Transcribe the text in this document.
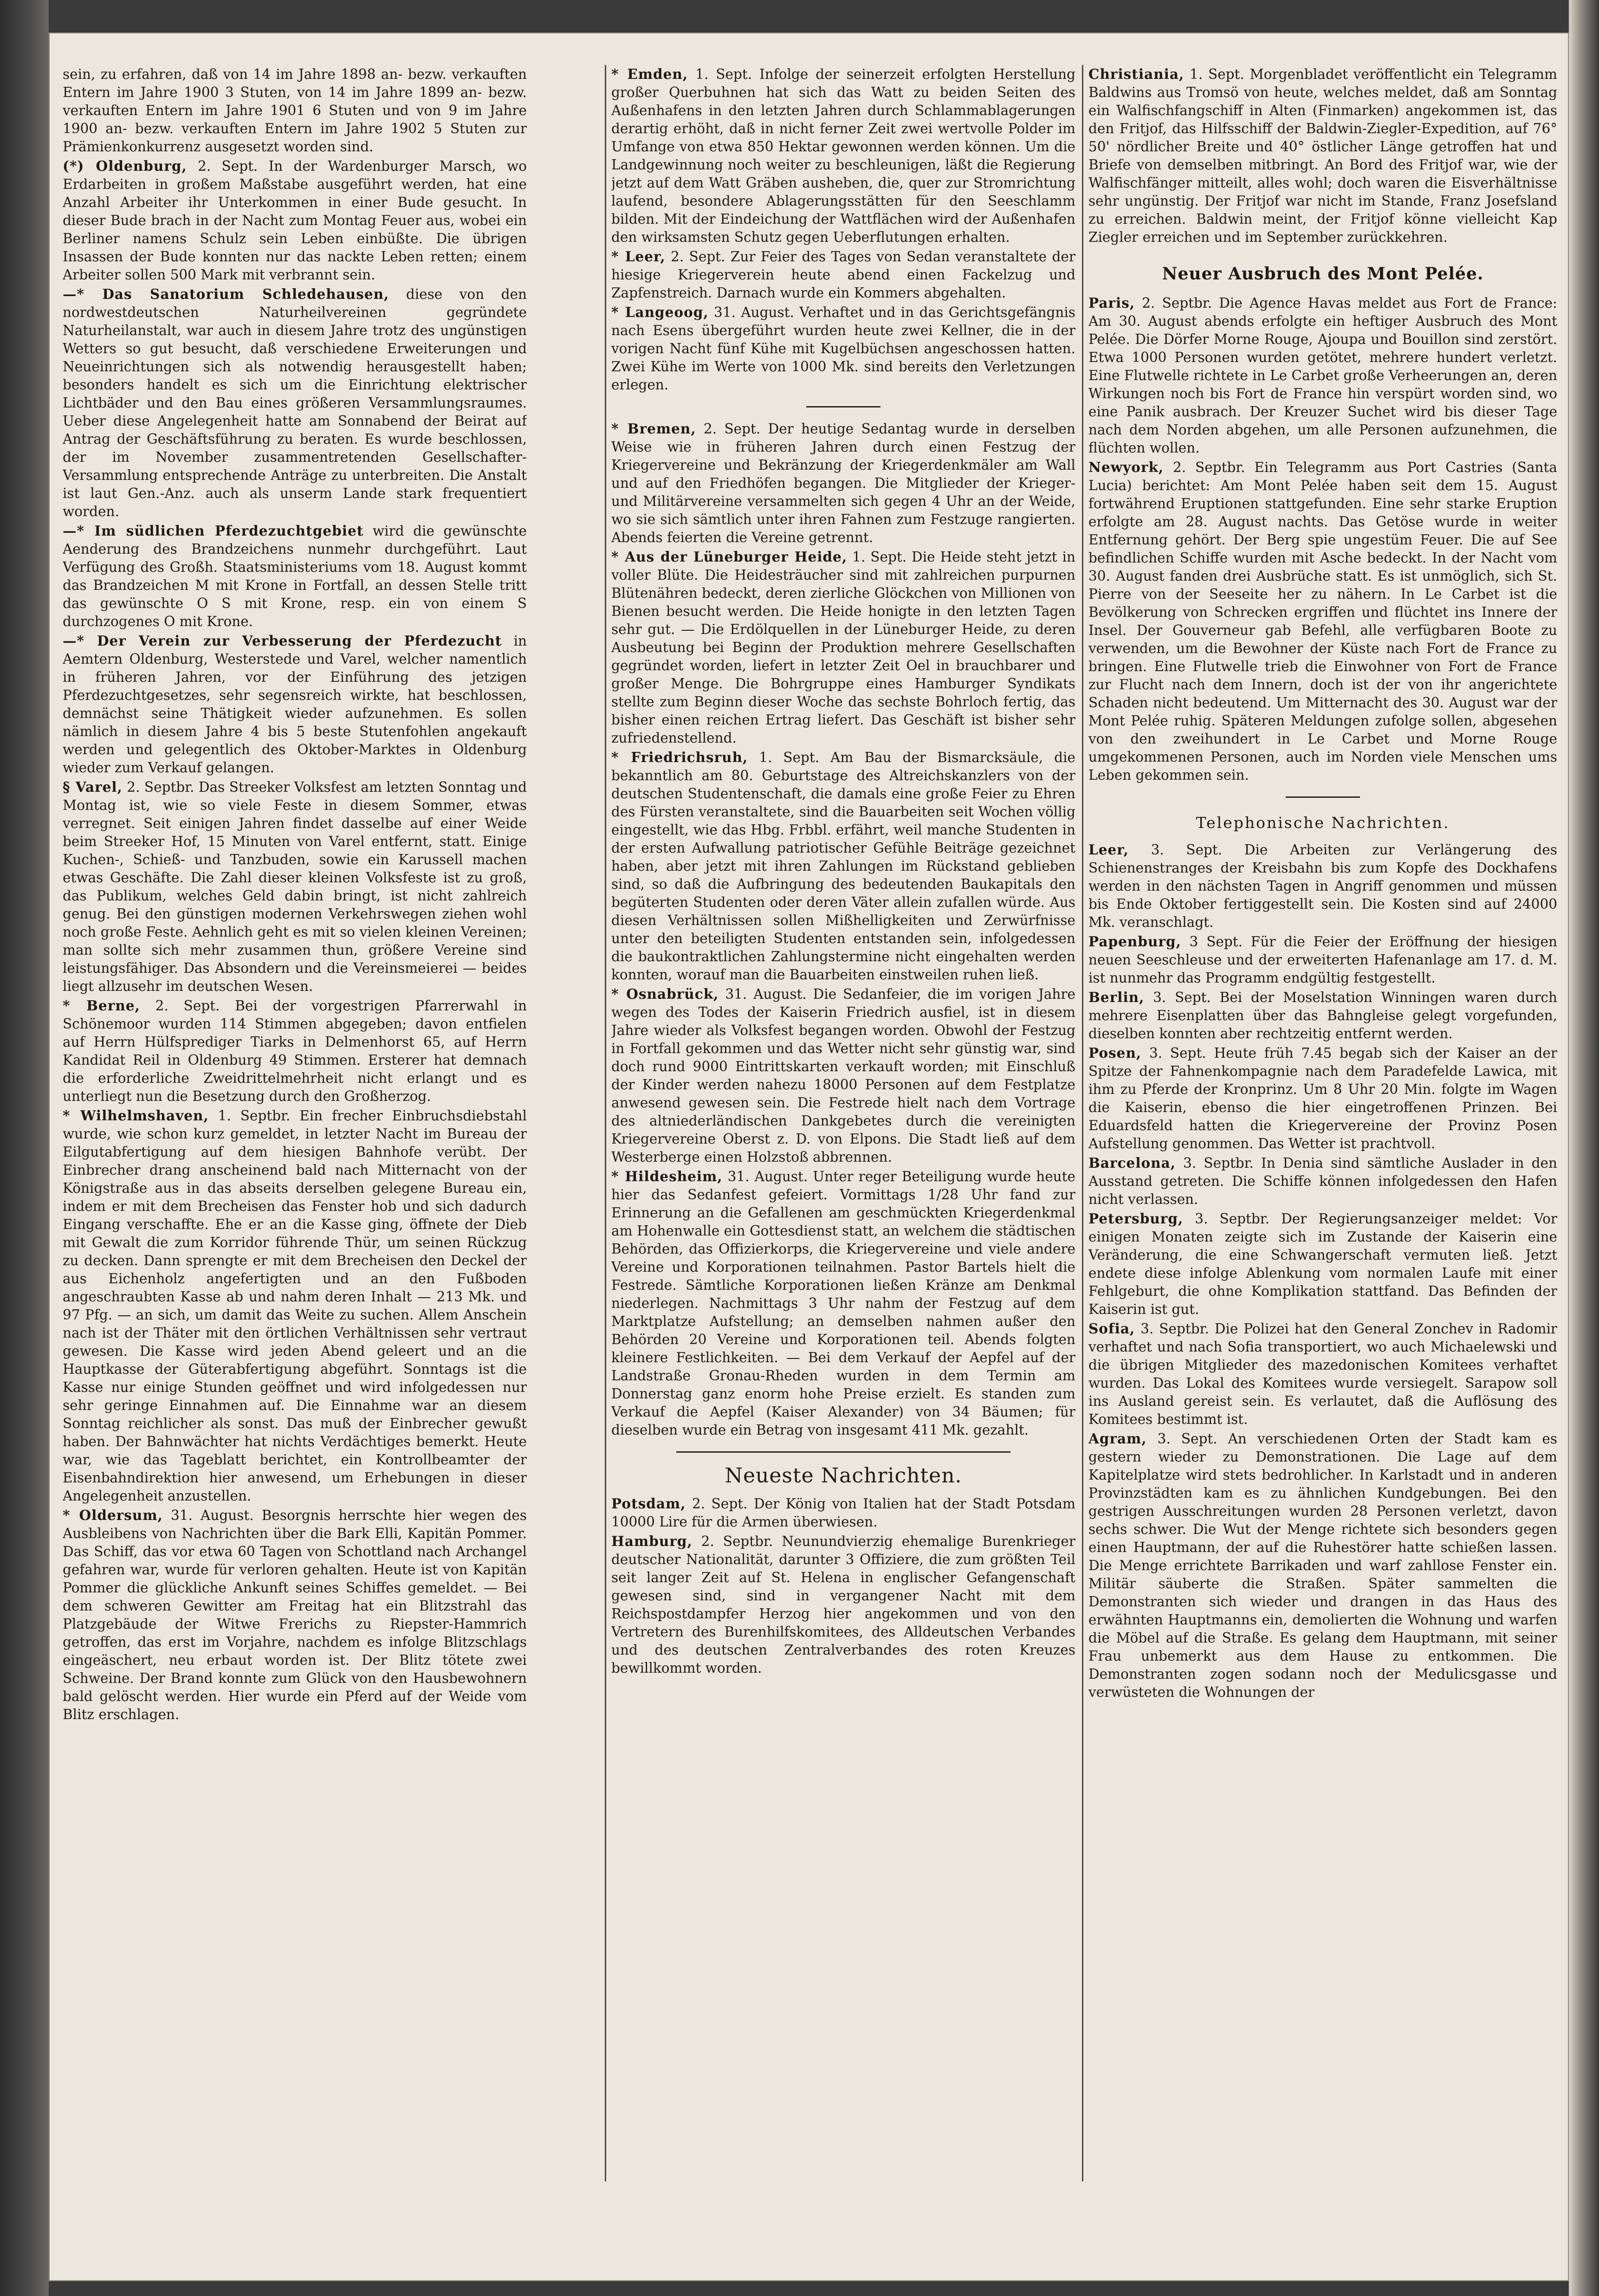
sein, zu erfahren, daß von 14 im Jahre 1898 an- bezw. verkauften Entern im Jahre 1900 3 Stuten, von 14 im Jahre 1899 an- bezw. verkauften Entern im Jahre 1901 6 Stuten und von 9 im Jahre 1900 an- bezw. verkauften Entern im Jahre 1902 5 Stuten zur Prämienkonkurrenz ausgesetzt worden sind.

(*) Oldenburg, 2. Sept. In der Wardenburger Marsch, wo Erdarbeiten in großem Maßstabe ausgeführt werden, hat eine Anzahl Arbeiter ihr Unterkommen in einer Bude gesucht. In dieser Bude brach in der Nacht zum Montag Feuer aus, wobei ein Berliner namens Schulz sein Leben einbüßte. Die übrigen Insassen der Bude konnten nur das nackte Leben retten; einem Arbeiter sollen 500 Mark mit verbrannt sein.

—* Das Sanatorium Schledehausen, diese von den nordwestdeutschen Naturheilvereinen gegründete Naturheilanstalt, war auch in diesem Jahre trotz des ungünstigen Wetters so gut besucht, daß verschiedene Erweiterungen und Neueinrichtungen sich als notwendig herausgestellt haben; besonders handelt es sich um die Einrichtung elektrischer Lichtbäder und den Bau eines größeren Versammlungsraumes. Ueber diese Angelegenheit hatte am Sonnabend der Beirat auf Antrag der Geschäftsführung zu beraten. Es wurde beschlossen, der im November zusammentretenden Gesellschafter-Versammlung entsprechende Anträge zu unterbreiten. Die Anstalt ist laut Gen.-Anz. auch als unserm Lande stark frequentiert worden.

—* Im südlichen Pferdezuchtgebiet wird die gewünschte Aenderung des Brandzeichens nunmehr durchgeführt. Laut Verfügung des Großh. Staatsministeriums vom 18. August kommt das Brandzeichen M mit Krone in Fortfall, an dessen Stelle tritt das gewünschte O S mit Krone, resp. ein von einem S durchzogenes O mit Krone.

—* Der Verein zur Verbesserung der Pferdezucht in Aemtern Oldenburg, Westerstede und Varel, welcher namentlich in früheren Jahren, vor der Einführung des jetzigen Pferdezuchtgesetzes, sehr segensreich wirkte, hat beschlossen, demnächst seine Thätigkeit wieder aufzunehmen. Es sollen nämlich in diesem Jahre 4 bis 5 beste Stutenfohlen angekauft werden und gelegentlich des Oktober-Marktes in Oldenburg wieder zum Verkauf gelangen.

§ Varel, 2. Septbr. Das Streeker Volksfest am letzten Sonntag und Montag ist, wie so viele Feste in diesem Sommer, etwas verregnet. Seit einigen Jahren findet dasselbe auf einer Weide beim Streeker Hof, 15 Minuten von Varel entfernt, statt. Einige Kuchen-, Schieß- und Tanzbuden, sowie ein Karussell machen etwas Geschäfte. Die Zahl dieser kleinen Volksfeste ist zu groß, das Publikum, welches Geld dabin bringt, ist nicht zahlreich genug. Bei den günstigen modernen Verkehrswegen ziehen wohl noch große Feste. Aehnlich geht es mit so vielen kleinen Vereinen; man sollte sich mehr zusammen thun, größere Vereine sind leistungsfähiger. Das Absondern und die Vereinsmeierei — beides liegt allzusehr im deutschen Wesen.

* Berne, 2. Sept. Bei der vorgestrigen Pfarrerwahl in Schönemoor wurden 114 Stimmen abgegeben; davon entfielen auf Herrn Hülfsprediger Tiarks in Delmenhorst 65, auf Herrn Kandidat Reil in Oldenburg 49 Stimmen. Ersterer hat demnach die erforderliche Zweidrittelmehrheit nicht erlangt und es unterliegt nun die Besetzung durch den Großherzog.

* Wilhelmshaven, 1. Septbr. Ein frecher Einbruchsdiebstahl wurde, wie schon kurz gemeldet, in letzter Nacht im Bureau der Eilgutabfertigung auf dem hiesigen Bahnhofe verübt. Der Einbrecher drang anscheinend bald nach Mitternacht von der Königstraße aus in das abseits derselben gelegene Bureau ein, indem er mit dem Brecheisen das Fenster hob und sich dadurch Eingang verschaffte. Ehe er an die Kasse ging, öffnete der Dieb mit Gewalt die zum Korridor führende Thür, um seinen Rückzug zu decken. Dann sprengte er mit dem Brecheisen den Deckel der aus Eichenholz angefertigten und an den Fußboden angeschraubten Kasse ab und nahm deren Inhalt — 213 Mk. und 97 Pfg. — an sich, um damit das Weite zu suchen. Allem Anschein nach ist der Thäter mit den örtlichen Verhältnissen sehr vertraut gewesen. Die Kasse wird jeden Abend geleert und an die Hauptkasse der Güterabfertigung abgeführt. Sonntags ist die Kasse nur einige Stunden geöffnet und wird infolgedessen nur sehr geringe Einnahmen auf. Die Einnahme war an diesem Sonntag reichlicher als sonst. Das muß der Einbrecher gewußt haben. Der Bahnwächter hat nichts Verdächtiges bemerkt. Heute war, wie das Tageblatt berichtet, ein Kontrollbeamter der Eisenbahndirektion hier anwesend, um Erhebungen in dieser Angelegenheit anzustellen.

* Oldersum, 31. August. Besorgnis herrschte hier wegen des Ausbleibens von Nachrichten über die Bark Elli, Kapitän Pommer. Das Schiff, das vor etwa 60 Tagen von Schottland nach Archangel gefahren war, wurde für verloren gehalten. Heute ist von Kapitän Pommer die glückliche Ankunft seines Schiffes gemeldet. — Bei dem schweren Gewitter am Freitag hat ein Blitzstrahl das Platzgebäude der Witwe Frerichs zu Riepster-Hammrich getroffen, das erst im Vorjahre, nachdem es infolge Blitzschlags eingeäschert, neu erbaut worden ist. Der Blitz tötete zwei Schweine. Der Brand konnte zum Glück von den Hausbewohnern bald gelöscht werden. Hier wurde ein Pferd auf der Weide vom Blitz erschlagen.

* Emden, 1. Sept. Infolge der seinerzeit erfolgten Herstellung großer Querbuhnen hat sich das Watt zu beiden Seiten des Außenhafens in den letzten Jahren durch Schlammablagerungen derartig erhöht, daß in nicht ferner Zeit zwei wertvolle Polder im Umfange von etwa 850 Hektar gewonnen werden können. Um die Landgewinnung noch weiter zu beschleunigen, läßt die Regierung jetzt auf dem Watt Gräben ausheben, die, quer zur Stromrichtung laufend, besondere Ablagerungsstätten für den Seeschlamm bilden. Mit der Eindeichung der Wattflächen wird der Außenhafen den wirksamsten Schutz gegen Ueberflutungen erhalten.

* Leer, 2. Sept. Zur Feier des Tages von Sedan veranstaltete der hiesige Kriegerverein heute abend einen Fackelzug und Zapfenstreich. Darnach wurde ein Kommers abgehalten.

* Langeoog, 31. August. Verhaftet und in das Gerichtsgefängnis nach Esens übergeführt wurden heute zwei Kellner, die in der vorigen Nacht fünf Kühe mit Kugelbüchsen angeschossen hatten. Zwei Kühe im Werte von 1000 Mk. sind bereits den Verletzungen erlegen.

* Bremen, 2. Sept. Der heutige Sedantag wurde in derselben Weise wie in früheren Jahren durch einen Festzug der Kriegervereine und Bekränzung der Kriegerdenkmäler am Wall und auf den Friedhöfen begangen. Die Mitglieder der Krieger- und Militärvereine versammelten sich gegen 4 Uhr an der Weide, wo sie sich sämtlich unter ihren Fahnen zum Festzuge rangierten. Abends feierten die Vereine getrennt.

* Aus der Lüneburger Heide, 1. Sept. Die Heide steht jetzt in voller Blüte. Die Heidesträucher sind mit zahlreichen purpurnen Blütenähren bedeckt, deren zierliche Glöckchen von Millionen von Bienen besucht werden. Die Heide honigte in den letzten Tagen sehr gut. — Die Erdölquellen in der Lüneburger Heide, zu deren Ausbeutung bei Beginn der Produktion mehrere Gesellschaften gegründet worden, liefert in letzter Zeit Oel in brauchbarer und großer Menge. Die Bohrgruppe eines Hamburger Syndikats stellte zum Beginn dieser Woche das sechste Bohrloch fertig, das bisher einen reichen Ertrag liefert. Das Geschäft ist bisher sehr zufriedenstellend.

* Friedrichsruh, 1. Sept. Am Bau der Bismarcksäule, die bekanntlich am 80. Geburtstage des Altreichskanzlers von der deutschen Studentenschaft, die damals eine große Feier zu Ehren des Fürsten veranstaltete, sind die Bauarbeiten seit Wochen völlig eingestellt, wie das Hbg. Frbbl. erfährt, weil manche Studenten in der ersten Aufwallung patriotischer Gefühle Beiträge gezeichnet haben, aber jetzt mit ihren Zahlungen im Rückstand geblieben sind, so daß die Aufbringung des bedeutenden Baukapitals den begüterten Studenten oder deren Väter allein zufallen würde. Aus diesen Verhältnissen sollen Mißhelligkeiten und Zerwürfnisse unter den beteiligten Studenten entstanden sein, infolgedessen die baukontraktlichen Zahlungstermine nicht eingehalten werden konnten, worauf man die Bauarbeiten einstweilen ruhen ließ.

* Osnabrück, 31. August. Die Sedanfeier, die im vorigen Jahre wegen des Todes der Kaiserin Friedrich ausfiel, ist in diesem Jahre wieder als Volksfest begangen worden. Obwohl der Festzug in Fortfall gekommen und das Wetter nicht sehr günstig war, sind doch rund 9000 Eintrittskarten verkauft worden; mit Einschluß der Kinder werden nahezu 18000 Personen auf dem Festplatze anwesend gewesen sein. Die Festrede hielt nach dem Vortrage des altniederländischen Dankgebetes durch die vereinigten Kriegervereine Oberst z. D. von Elpons. Die Stadt ließ auf dem Westerberge einen Holzstoß abbrennen.

* Hildesheim, 31. August. Unter reger Beteiligung wurde heute hier das Sedanfest gefeiert. Vormittags 1/28 Uhr fand zur Erinnerung an die Gefallenen am geschmückten Kriegerdenkmal am Hohenwalle ein Gottesdienst statt, an welchem die städtischen Behörden, das Offizierkorps, die Kriegervereine und viele andere Vereine und Korporationen teilnahmen. Pastor Bartels hielt die Festrede. Sämtliche Korporationen ließen Kränze am Denkmal niederlegen. Nachmittags 3 Uhr nahm der Festzug auf dem Marktplatze Aufstellung; an demselben nahmen außer den Behörden 20 Vereine und Korporationen teil. Abends folgten kleinere Festlichkeiten. — Bei dem Verkauf der Aepfel auf der Landstraße Gronau-Rheden wurden in dem Termin am Donnerstag ganz enorm hohe Preise erzielt. Es standen zum Verkauf die Aepfel (Kaiser Alexander) von 34 Bäumen; für dieselben wurde ein Betrag von insgesamt 411 Mk. gezahlt.

Neueste Nachrichten.

Potsdam, 2. Sept. Der König von Italien hat der Stadt Potsdam 10000 Lire für die Armen überwiesen.

Hamburg, 2. Septbr. Neunundvierzig ehemalige Burenkrieger deutscher Nationalität, darunter 3 Offiziere, die zum größten Teil seit langer Zeit auf St. Helena in englischer Gefangenschaft gewesen sind, sind in vergangener Nacht mit dem Reichspostdampfer Herzog hier angekommen und von den Vertretern des Burenhilfskomitees, des Alldeutschen Verbandes und des deutschen Zentralverbandes des roten Kreuzes bewillkommt worden.

Christiania, 1. Sept. Morgenbladet veröffentlicht ein Telegramm Baldwins aus Tromsö von heute, welches meldet, daß am Sonntag ein Walfischfangschiff in Alten (Finmarken) angekommen ist, das den Fritjof, das Hilfsschiff der Baldwin-Ziegler-Expedition, auf 76° 50' nördlicher Breite und 40° östlicher Länge getroffen hat und Briefe von demselben mitbringt. An Bord des Fritjof war, wie der Walfischfänger mitteilt, alles wohl; doch waren die Eisverhältnisse sehr ungünstig. Der Fritjof war nicht im Stande, Franz Josefsland zu erreichen. Baldwin meint, der Fritjof könne vielleicht Kap Ziegler erreichen und im September zurückkehren.

Neuer Ausbruch des Mont Pelée.

Paris, 2. Septbr. Die Agence Havas meldet aus Fort de France: Am 30. August abends erfolgte ein heftiger Ausbruch des Mont Pelée. Die Dörfer Morne Rouge, Ajoupa und Bouillon sind zerstört. Etwa 1000 Personen wurden getötet, mehrere hundert verletzt. Eine Flutwelle richtete in Le Carbet große Verheerungen an, deren Wirkungen noch bis Fort de France hin verspürt worden sind, wo eine Panik ausbrach. Der Kreuzer Suchet wird bis dieser Tage nach dem Norden abgehen, um alle Personen aufzunehmen, die flüchten wollen.

Newyork, 2. Septbr. Ein Telegramm aus Port Castries (Santa Lucia) berichtet: Am Mont Pelée haben seit dem 15. August fortwährend Eruptionen stattgefunden. Eine sehr starke Eruption erfolgte am 28. August nachts. Das Getöse wurde in weiter Entfernung gehört. Der Berg spie ungestüm Feuer. Die auf See befindlichen Schiffe wurden mit Asche bedeckt. In der Nacht vom 30. August fanden drei Ausbrüche statt. Es ist unmöglich, sich St. Pierre von der Seeseite her zu nähern. In Le Carbet ist die Bevölkerung von Schrecken ergriffen und flüchtet ins Innere der Insel. Der Gouverneur gab Befehl, alle verfügbaren Boote zu verwenden, um die Bewohner der Küste nach Fort de France zu bringen. Eine Flutwelle trieb die Einwohner von Fort de France zur Flucht nach dem Innern, doch ist der von ihr angerichtete Schaden nicht bedeutend. Um Mitternacht des 30. August war der Mont Pelée ruhig. Späteren Meldungen zufolge sollen, abgesehen von den zweihundert in Le Carbet und Morne Rouge umgekommenen Personen, auch im Norden viele Menschen ums Leben gekommen sein.

Telephonische Nachrichten.

Leer, 3. Sept. Die Arbeiten zur Verlängerung des Schienenstranges der Kreisbahn bis zum Kopfe des Dockhafens werden in den nächsten Tagen in Angriff genommen und müssen bis Ende Oktober fertiggestellt sein. Die Kosten sind auf 24000 Mk. veranschlagt.

Papenburg, 3 Sept. Für die Feier der Eröffnung der hiesigen neuen Seeschleuse und der erweiterten Hafenanlage am 17. d. M. ist nunmehr das Programm endgültig festgestellt.

Berlin, 3. Sept. Bei der Moselstation Winningen waren durch mehrere Eisenplatten über das Bahngleise gelegt vorgefunden, dieselben konnten aber rechtzeitig entfernt werden.

Posen, 3. Sept. Heute früh 7.45 begab sich der Kaiser an der Spitze der Fahnenkompagnie nach dem Paradefelde Lawica, mit ihm zu Pferde der Kronprinz. Um 8 Uhr 20 Min. folgte im Wagen die Kaiserin, ebenso die hier eingetroffenen Prinzen. Bei Eduardsfeld hatten die Kriegervereine der Provinz Posen Aufstellung genommen. Das Wetter ist prachtvoll.

Barcelona, 3. Septbr. In Denia sind sämtliche Auslader in den Ausstand getreten. Die Schiffe können infolgedessen den Hafen nicht verlassen.

Petersburg, 3. Septbr. Der Regierungsanzeiger meldet: Vor einigen Monaten zeigte sich im Zustande der Kaiserin eine Veränderung, die eine Schwangerschaft vermuten ließ. Jetzt endete diese infolge Ablenkung vom normalen Laufe mit einer Fehlgeburt, die ohne Komplikation stattfand. Das Befinden der Kaiserin ist gut.

Sofia, 3. Septbr. Die Polizei hat den General Zonchev in Radomir verhaftet und nach Sofia transportiert, wo auch Michaelewski und die übrigen Mitglieder des mazedonischen Komitees verhaftet wurden. Das Lokal des Komitees wurde versiegelt. Sarapow soll ins Ausland gereist sein. Es verlautet, daß die Auflösung des Komitees bestimmt ist.

Agram, 3. Sept. An verschiedenen Orten der Stadt kam es gestern wieder zu Demonstrationen. Die Lage auf dem Kapitelplatze wird stets bedrohlicher. In Karlstadt und in anderen Provinzstädten kam es zu ähnlichen Kundgebungen. Bei den gestrigen Ausschreitungen wurden 28 Personen verletzt, davon sechs schwer. Die Wut der Menge richtete sich besonders gegen einen Hauptmann, der auf die Ruhestörer hatte schießen lassen. Die Menge errichtete Barrikaden und warf zahllose Fenster ein. Militär säuberte die Straßen. Später sammelten die Demonstranten sich wieder und drangen in das Haus des erwähnten Hauptmanns ein, demolierten die Wohnung und warfen die Möbel auf die Straße. Es gelang dem Hauptmann, mit seiner Frau unbemerkt aus dem Hause zu entkommen. Die Demonstranten zogen sodann noch der Medulicsgasse und verwüsteten die Wohnungen der
